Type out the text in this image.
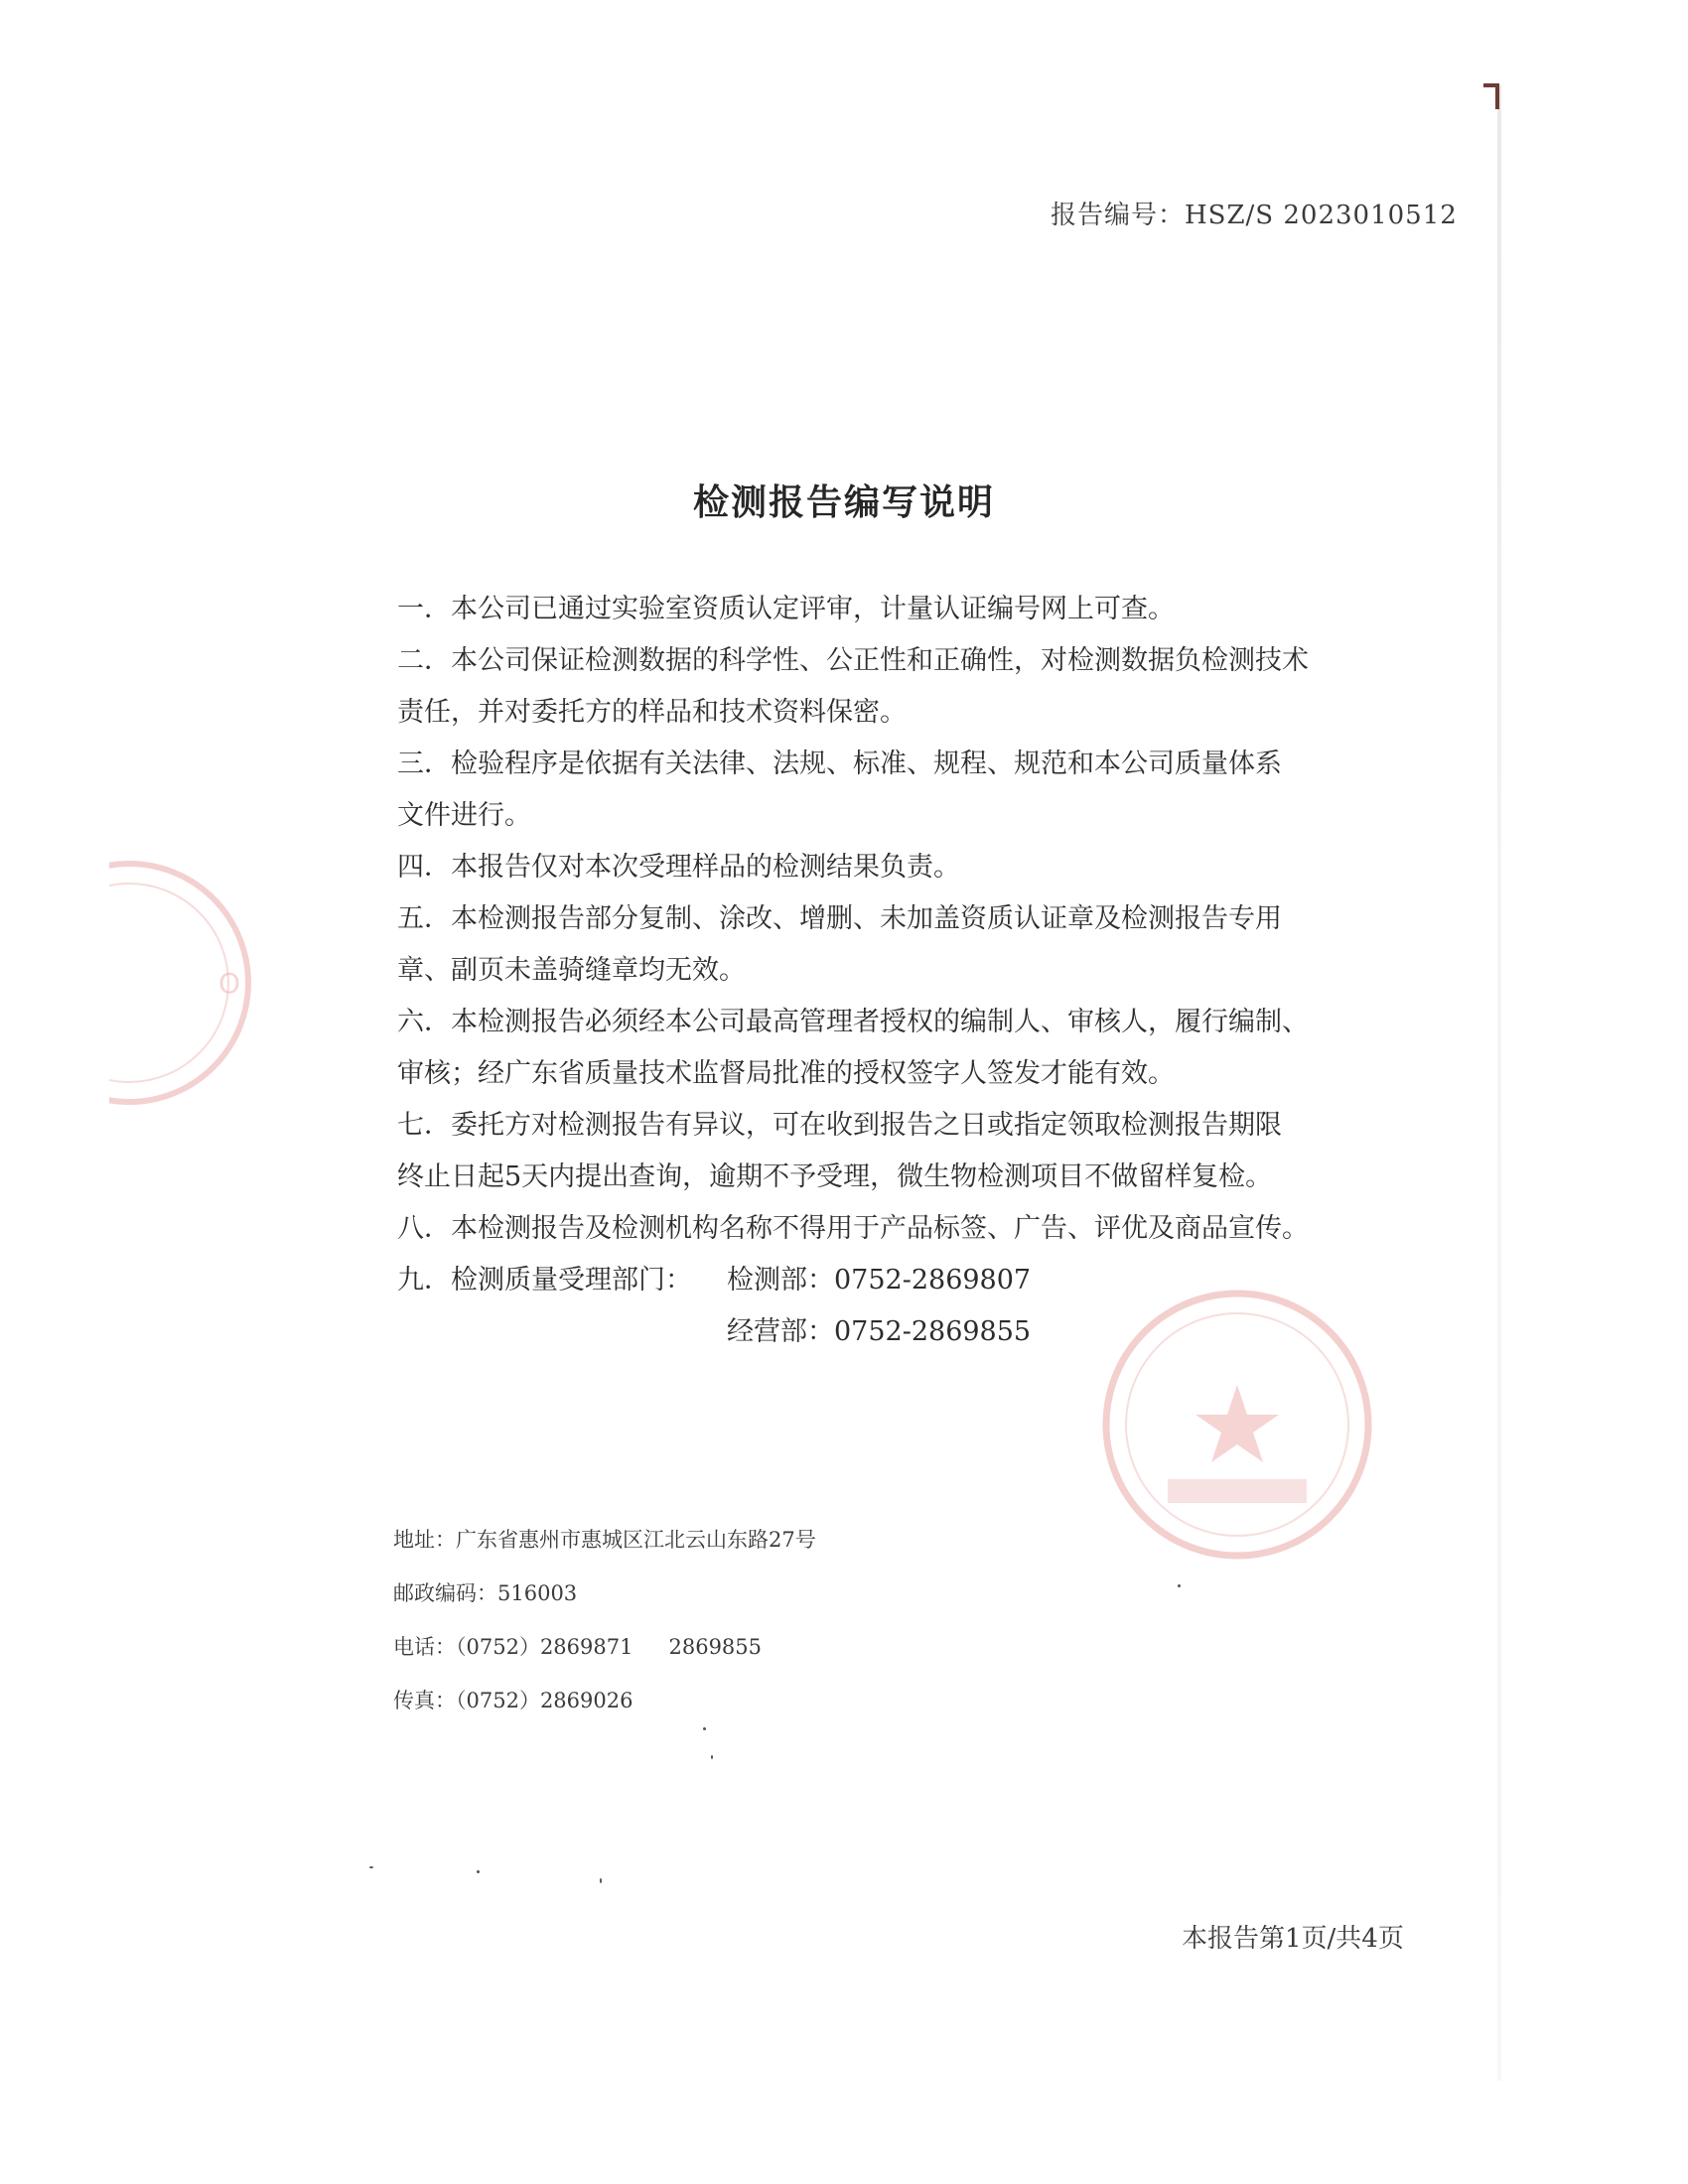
O
报告编号：HSZ/S 2023010512
检测报告编写说明
一．本公司已通过实验室资质认定评审，计量认证编号网上可查。
二．本公司保证检测数据的科学性、公正性和正确性，对检测数据负检测技术
责任，并对委托方的样品和技术资料保密。
三．检验程序是依据有关法律、法规、标准、规程、规范和本公司质量体系
文件进行。
四．本报告仅对本次受理样品的检测结果负责。
五．本检测报告部分复制、涂改、增删、未加盖资质认证章及检测报告专用
章、副页未盖骑缝章均无效。
六．本检测报告必须经本公司最高管理者授权的编制人、审核人，履行编制、
审核；经广东省质量技术监督局批准的授权签字人签发才能有效。
七．委托方对检测报告有异议，可在收到报告之日或指定领取检测报告期限
终止日起5天内提出查询，逾期不予受理，微生物检测项目不做留样复检。
八．本检测报告及检测机构名称不得用于产品标签、广告、评优及商品宣传。
九．检测质量受理部门： 检测部：0752-2869807
经营部：0752-2869855
地址：广东省惠州市惠城区江北云山东路27号
邮政编码：516003
电话：（0752）2869871 2869855
传真：（0752）2869026
本报告第1页/共4页
